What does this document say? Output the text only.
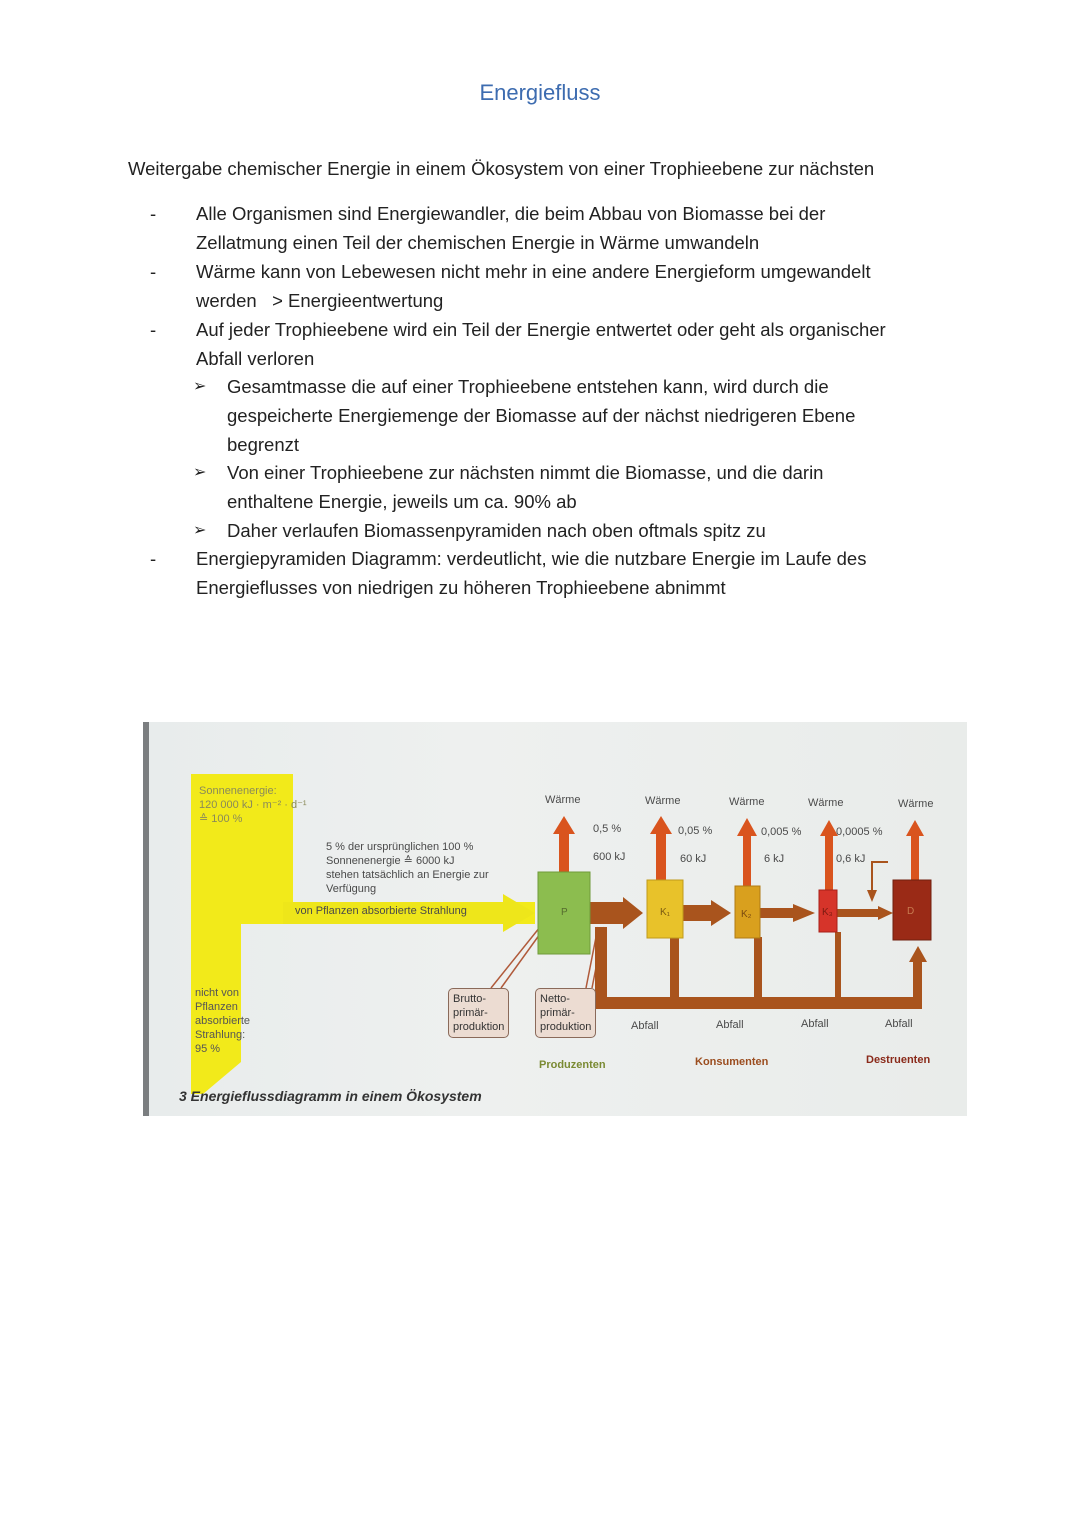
Energiefluss
Weitergabe chemischer Energie in einem Ökosystem von einer Trophieebene zur nächsten
- Alle Organismen sind Energiewandler, die beim Abbau von Biomasse bei der
Zellatmung einen Teil der chemischen Energie in Wärme umwandeln
- Wärme kann von Lebewesen nicht mehr in eine andere Energieform umgewandelt
werden   > Energieentwertung
- Auf jeder Trophieebene wird ein Teil der Energie entwertet oder geht als organischer
Abfall verloren
➢ Gesamtmasse die auf einer Trophieebene entstehen kann, wird durch die
gespeicherte Energiemenge der Biomasse auf der nächst niedrigeren Ebene
begrenzt
➢ Von einer Trophieebene zur nächsten nimmt die Biomasse, und die darin
enthaltene Energie, jeweils um ca. 90% ab
➢ Daher verlaufen Biomassenpyramiden nach oben oftmals spitz zu
- Energiepyramiden Diagramm: verdeutlicht, wie die nutzbare Energie im Laufe des
Energieflusses von niedrigen zu höheren Trophieebene abnimmt
Sonnenenergie:
120 000 kJ · m⁻² · d⁻¹
≙ 100 %
5 % der ursprünglichen 100 %
Sonnenenergie ≙ 6000 kJ
stehen tatsächlich an Energie zur
Verfügung
von Pflanzen absorbierte Strahlung
nicht von
Pflanzen
absorbierte
Strahlung:
95 %
Brutto-
primär-
produktion
Netto-
primär-
produktion
Wärme	Wärme	Wärme	Wärme	Wärme
0,5 %
600 kJ
0,05 %
60 kJ
0,005 %
6 kJ
0,0005 %
0,6 kJ
P	K₁	K₂	K₃	D
Abfall	Abfall	Abfall	Abfall
Produzenten	Konsumenten	Destruenten
3 Energieflussdiagramm in einem Ökosystem
